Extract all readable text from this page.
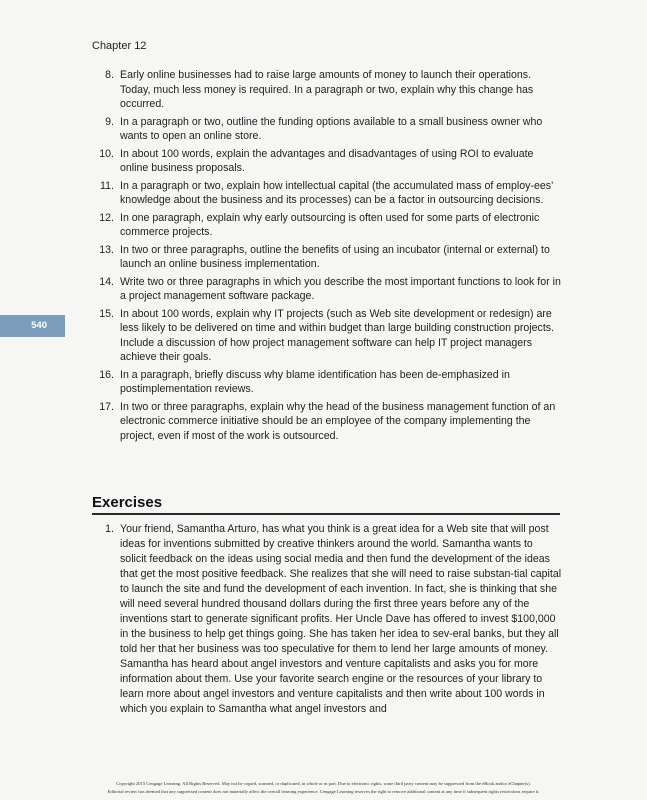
Chapter 12
540
8. Early online businesses had to raise large amounts of money to launch their operations. Today, much less money is required. In a paragraph or two, explain why this change has occurred.
9. In a paragraph or two, outline the funding options available to a small business owner who wants to open an online store.
10. In about 100 words, explain the advantages and disadvantages of using ROI to evaluate online business proposals.
11. In a paragraph or two, explain how intellectual capital (the accumulated mass of employ-ees’ knowledge about the business and its processes) can be a factor in outsourcing decisions.
12. In one paragraph, explain why early outsourcing is often used for some parts of electronic commerce projects.
13. In two or three paragraphs, outline the benefits of using an incubator (internal or external) to launch an online business implementation.
14. Write two or three paragraphs in which you describe the most important functions to look for in a project management software package.
15. In about 100 words, explain why IT projects (such as Web site development or redesign) are less likely to be delivered on time and within budget than large building construction projects. Include a discussion of how project management software can help IT project managers achieve their goals.
16. In a paragraph, briefly discuss why blame identification has been de-emphasized in postimplementation reviews.
17. In two or three paragraphs, explain why the head of the business management function of an electronic commerce initiative should be an employee of the company implementing the project, even if most of the work is outsourced.
Exercises
1. Your friend, Samantha Arturo, has what you think is a great idea for a Web site that will post ideas for inventions submitted by creative thinkers around the world. Samantha wants to solicit feedback on the ideas using social media and then fund the development of the ideas that get the most positive feedback. She realizes that she will need to raise substan-tial capital to launch the site and fund the development of each invention. In fact, she is thinking that she will need several hundred thousand dollars during the first three years before any of the inventions start to generate significant profits. Her Uncle Dave has offered to invest $100,000 in the business to help get things going. She has taken her idea to sev-eral banks, but they all told her that her business was too speculative for them to lend her large amounts of money. Samantha has heard about angel investors and venture capitalists and asks you for more information about them. Use your favorite search engine or the resources of your library to learn more about angel investors and venture capitalists and then write about 100 words in which you explain to Samantha what angel investors and
Copyright 2015 Cengage Learning. All Rights Reserved. May not be copied, scanned, or duplicated, in whole or in part. Due to electronic rights, some third party content may be suppressed from the eBook and/or eChapter(s).
Editorial review has deemed that any suppressed content does not materially affect the overall learning experience. Cengage Learning reserves the right to remove additional content at any time if subsequent rights restrictions require it.
